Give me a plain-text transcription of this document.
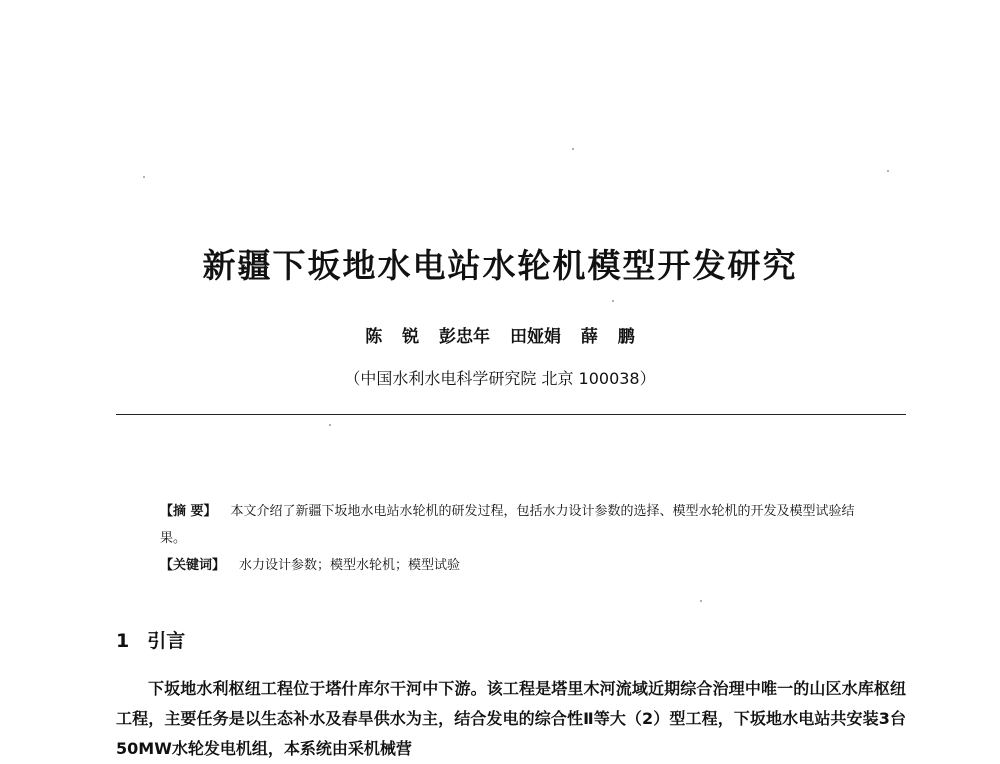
新疆下坂地水电站水轮机模型开发研究
陈 锐 彭忠年 田娅娟 薛 鹏
（中国水利水电科学研究院 北京 100038）
【摘 要】 本文介绍了新疆下坂地水电站水轮机的研发过程，包括水力设计参数的选择、模型水轮机的开发及模型试验结果。
【关键词】 水力设计参数；模型水轮机；模型试验
1 引言
下坂地水利枢纽工程位于塔什库尔干河中下游。该工程是塔里木河流域近期综合治理中唯一的山区水库枢纽工程，主要任务是以生态补水及春旱供水为主，结合发电的综合性Ⅱ等大（2）型工程，下坂地水电站共安装3台50MW水轮发电机组，本系统由采机械营
